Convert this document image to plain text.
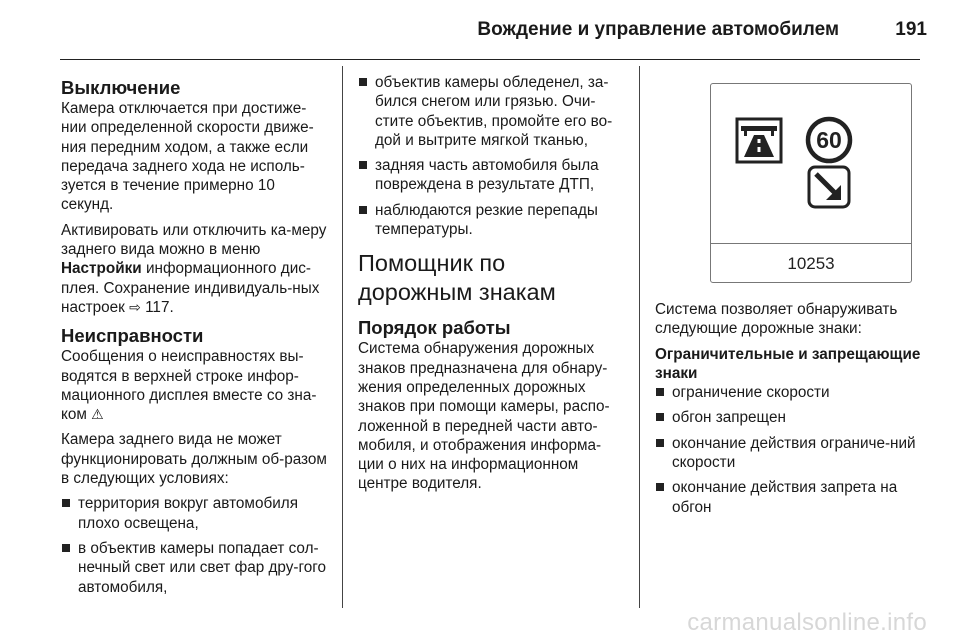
Вождение и управление автомобилем	191
Выключение

Камера отключается при достиже-нии определенной скорости движе-ния передним ходом, а также если передача заднего хода не исполь-зуется в течение примерно 10 секунд.

Активировать или отключить ка-меру заднего вида можно в меню Настройки информационного дис-плея. Сохранение индивидуаль-ных настроек ⇨ 117.

Неисправности

Сообщения о неисправностях вы-водятся в верхней строке инфор-мационного дисплея вместе со зна-ком ⚠

Камера заднего вида не может функционировать должным об-разом в следующих условиях:

территория вокруг автомобиля плохо освещена,
в объектив камеры попадает сол-нечный свет или свет фар дру-гого автомобиля,
объектив камеры обледенел, за-бился снегом или грязью. Очи-стите объектив, промойте его во-дой и вытрите мягкой тканью,
задняя часть автомобиля была повреждена в результате ДТП,
наблюдаются резкие перепады температуры.
Помощник по дорожным знакам
Порядок работы

Система обнаружения дорожных знаков предназначена для обнару-жения определенных дорожных знаков при помощи камеры, распо-ложенной в передней части авто-мобиля, и отображения информа-ции о них на информационном центре водителя.

60
10253

Система позволяет обнаруживать следующие дорожные знаки:

Ограничительные и запрещающие знаки
ограничение скорости
обгон запрещен
окончание действия ограниче-ний скорости
окончание действия запрета на обгон
carmanualsonline.info
